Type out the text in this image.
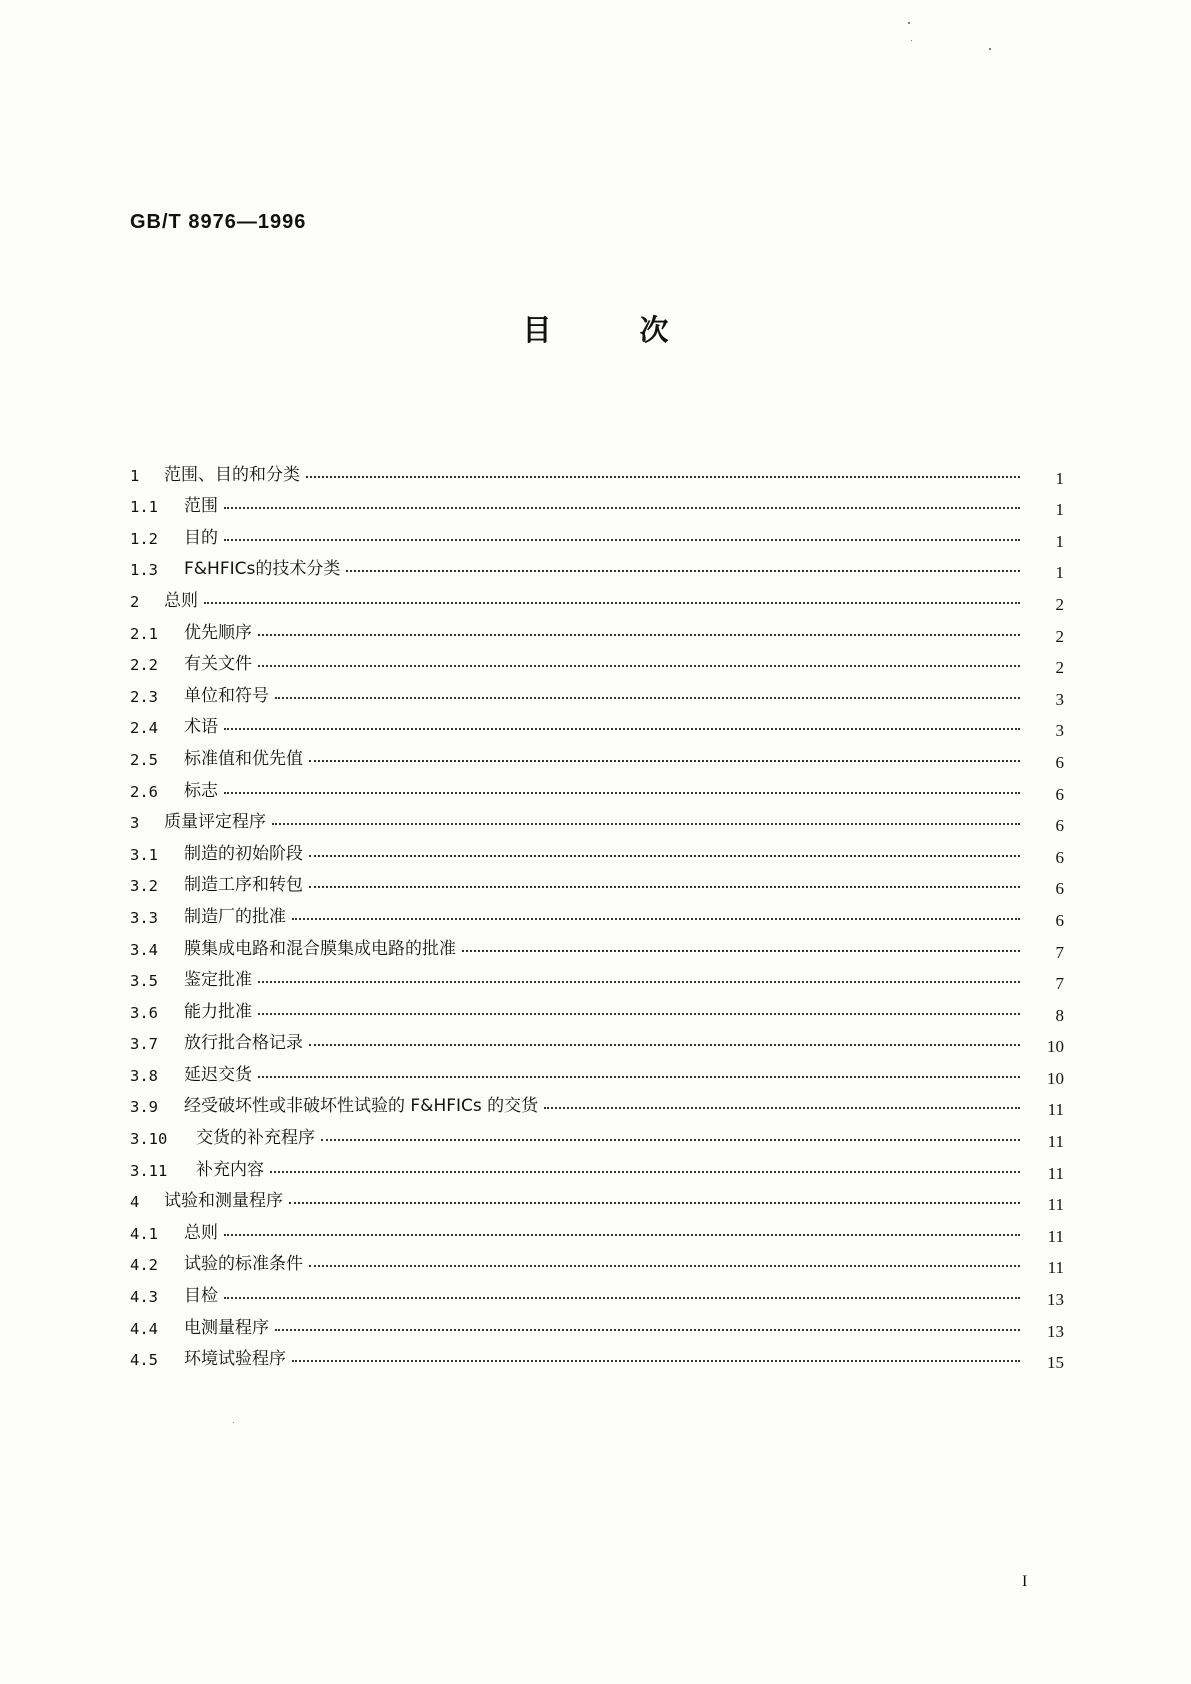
GB/T 8976—1996
目	次
1	范围、目的和分类	1
1.1	范围	1
1.2	目的	1
1.3	F&HFICs的技术分类	1
2	总则	2
2.1	优先顺序	2
2.2	有关文件	2
2.3	单位和符号	3
2.4	术语	3
2.5	标准值和优先值	6
2.6	标志	6
3	质量评定程序	6
3.1	制造的初始阶段	6
3.2	制造工序和转包	6
3.3	制造厂的批准	6
3.4	膜集成电路和混合膜集成电路的批准	7
3.5	鉴定批准	7
3.6	能力批准	8
3.7	放行批合格记录	10
3.8	延迟交货	10
3.9	经受破坏性或非破坏性试验的 F&HFICs 的交货	11
3.10	交货的补充程序	11
3.11	补充内容	11
4	试验和测量程序	11
4.1	总则	11
4.2	试验的标准条件	11
4.3	目检	13
4.4	电测量程序	13
4.5	环境试验程序	15
I
